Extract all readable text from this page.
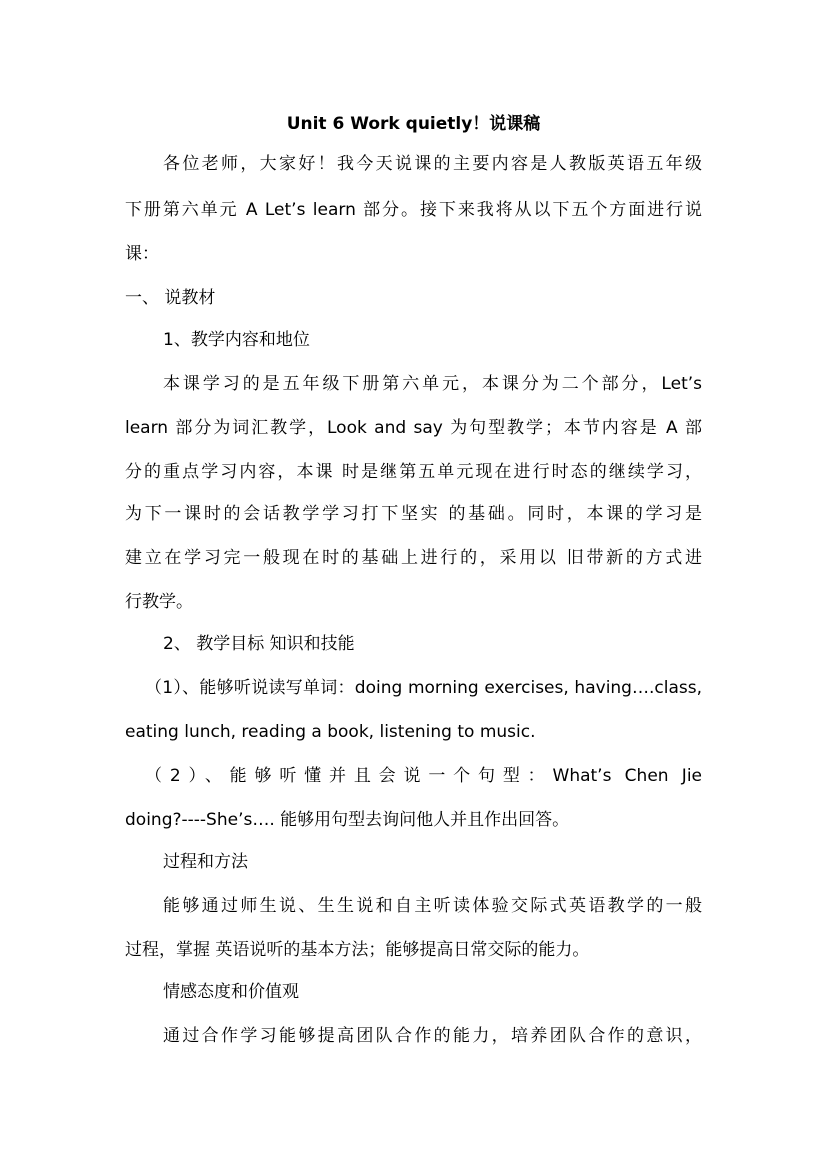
Unit 6 Work quietly！说课稿
各位老师，大家好！我今天说课的主要内容是人教版英语五年级
下册第六单元 A Let’s learn 部分。接下来我将从以下五个方面进行说
课：
一、 说教材
1、教学内容和地位
本课学习的是五年级下册第六单元，本课分为二个部分，Let’s
learn 部分为词汇教学，Look and say 为句型教学；本节内容是 A 部
分的重点学习内容，本课 时是继第五单元现在进行时态的继续学习，
为下一课时的会话教学学习打下坚实 的基础。同时，本课的学习是
建立在学习完一般现在时的基础上进行的，采用以 旧带新的方式进
行教学。
2、 教学目标 知识和技能
（1）、能够听说读写单词：doing morning exercises, having….class,
eating lunch, reading a book, listening to music.
（2）、能够听懂并且会说一个句型：What’s Chen Jie
doing?----She’s…. 能够用句型去询问他人并且作出回答。
过程和方法
能够通过师生说、生生说和自主听读体验交际式英语教学的一般
过程，掌握 英语说听的基本方法；能够提高日常交际的能力。
情感态度和价值观
通过合作学习能够提高团队合作的能力，培养团队合作的意识，
